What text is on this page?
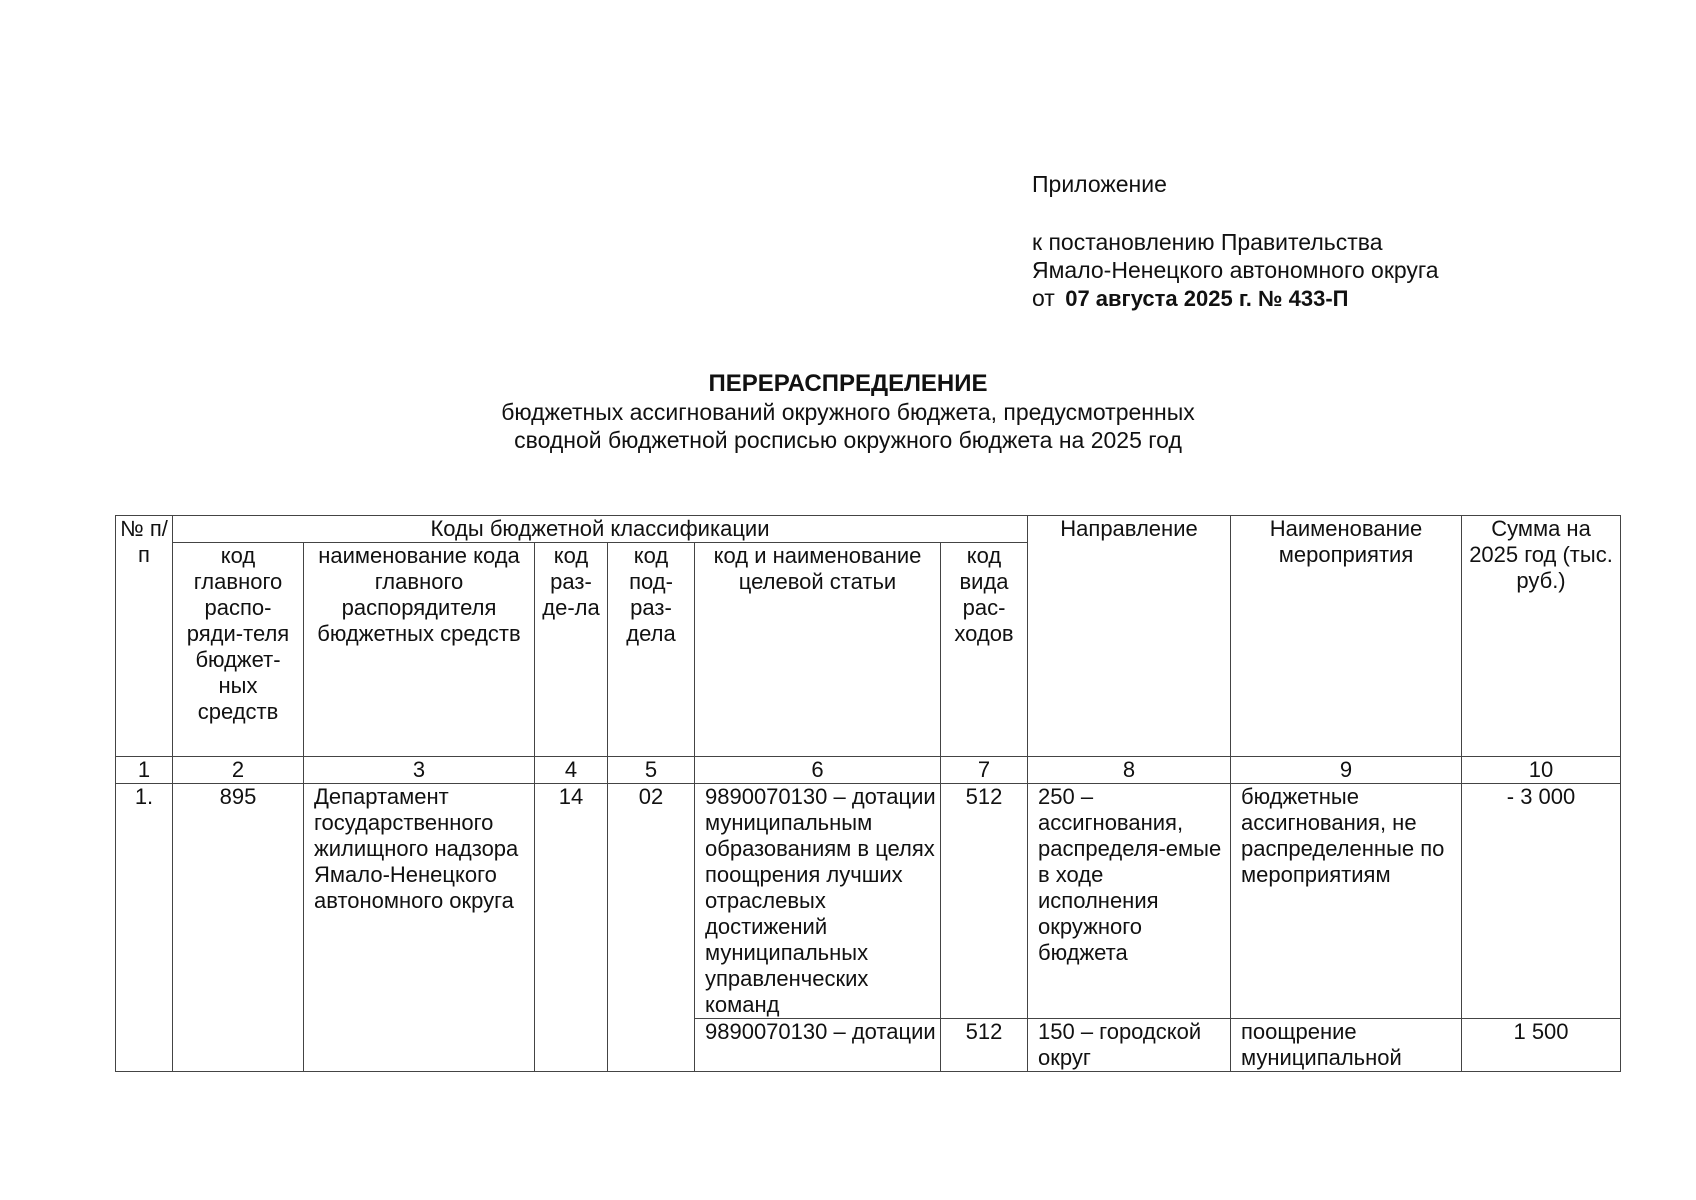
Приложение
к постановлению Правительства
Ямало-Ненецкого автономного округа
от 07 августа 2025 г. № 433-П
ПЕРЕРАСПРЕДЕЛЕНИЕ
бюджетных ассигнований окружного бюджета, предусмотренных
сводной бюджетной росписью окружного бюджета на 2025 год
№ п/п	Коды бюджетной классификации						Направление	Наименование мероприятия	Сумма на 2025 год (тыс. руб.)
	код главного распо-ряди-теля бюджет-ных средств	наименование кода главного распорядителя бюджетных средств	код раз-де-ла	код под-раз-дела	код и наименование целевой статьи	код вида рас-ходов			
1	2	3	4	5	6	7	8	9	10
1.	895	Департамент государственного жилищного надзора Ямало-Ненецкого автономного округа	14	02	9890070130 – дотации муниципальным образованиям в целях поощрения лучших отраслевых достижений муниципальных управленческих команд	512	250 – ассигнования, распределя-емые в ходе исполнения окружного бюджета	бюджетные ассигнования, не распределенные по мероприятиям	- 3 000
					9890070130 – дотации	512	150 – городской округ	поощрение муниципальной	1 500
